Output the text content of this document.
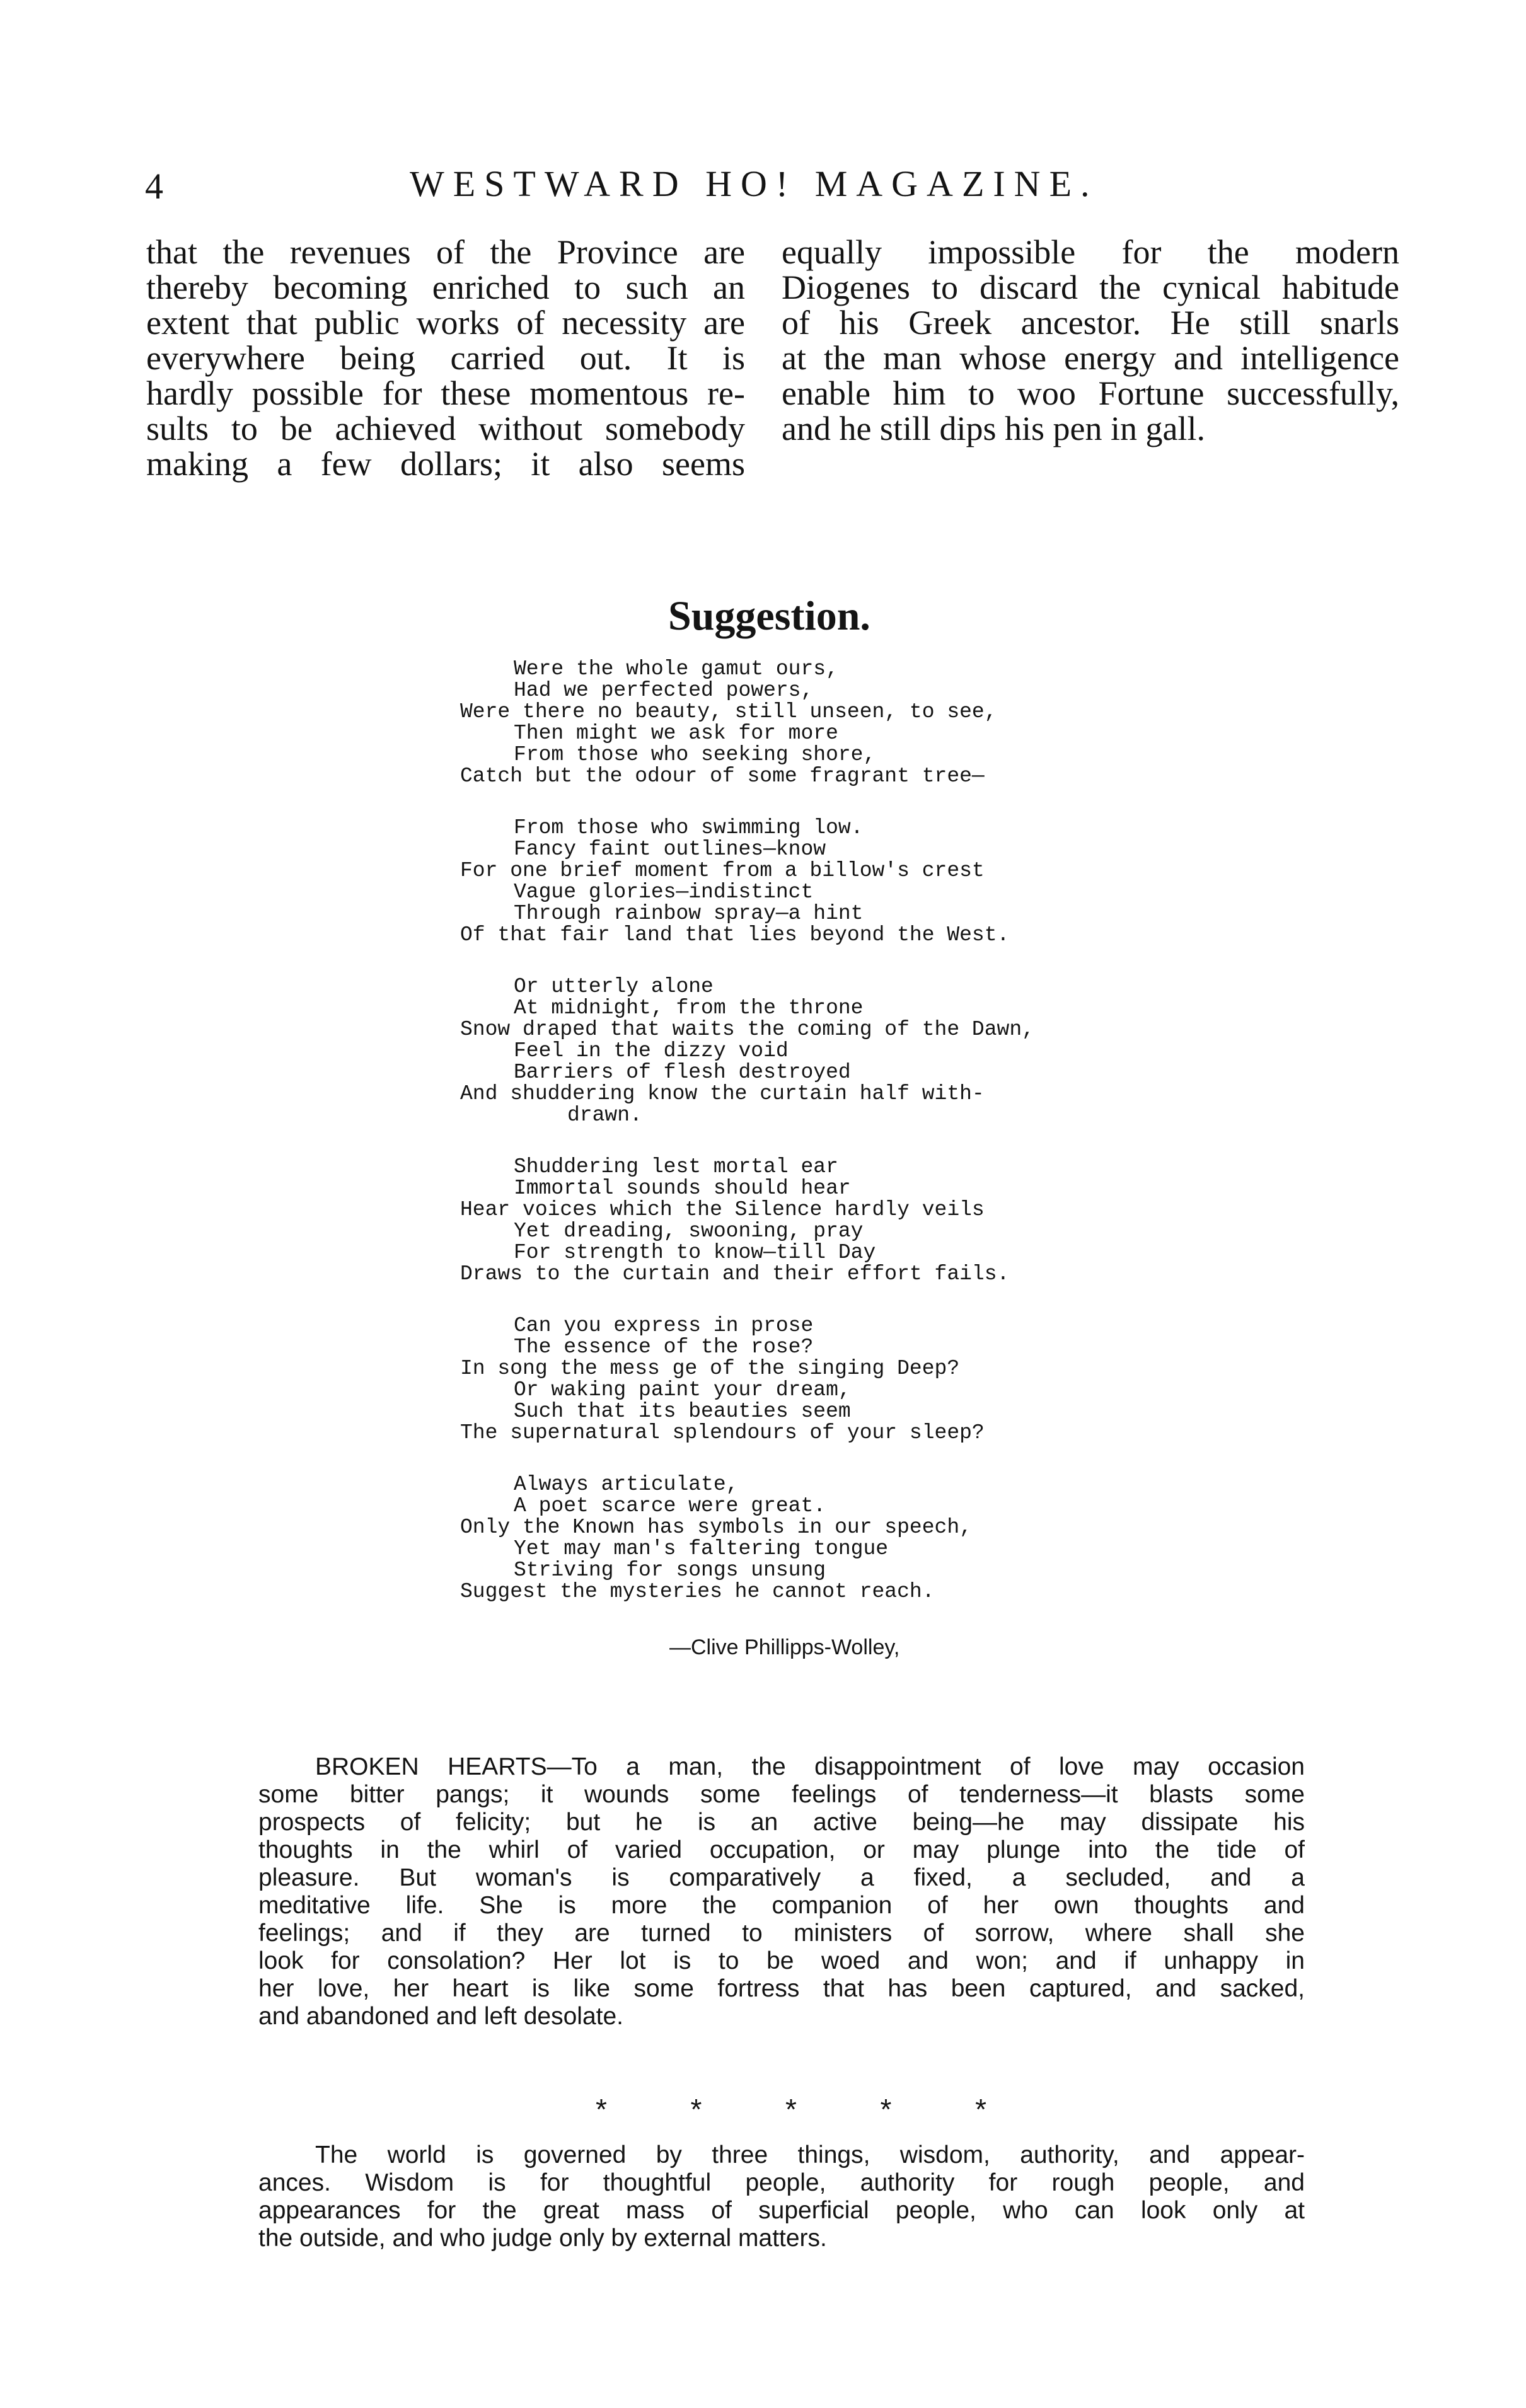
4	WESTWARD HO! MAGAZINE.
that the revenues of the Province are
thereby becoming enriched to such an
extent that public works of necessity are
everywhere being carried out. It is
hardly possible for these momentous re-
sults to be achieved without somebody
making a few dollars; it also seems
equally impossible for the modern
Diogenes to discard the cynical habitude
of his Greek ancestor. He still snarls
at the man whose energy and intelligence
enable him to woo Fortune successfully,
and he still dips his pen in gall.
Suggestion.
Were the whole gamut ours,
Had we perfected powers,
Were there no beauty, still unseen, to see,
Then might we ask for more
From those who seeking shore,
Catch but the odour of some fragrant tree—
From those who swimming low.
Fancy faint outlines—know
For one brief moment from a billow's crest
Vague glories—indistinct
Through rainbow spray—a hint
Of that fair land that lies beyond the West.
Or utterly alone
At midnight, from the throne
Snow draped that waits the coming of the Dawn,
Feel in the dizzy void
Barriers of flesh destroyed
And shuddering know the curtain half with-
drawn.
Shuddering lest mortal ear
Immortal sounds should hear
Hear voices which the Silence hardly veils
Yet dreading, swooning, pray
For strength to know—till Day
Draws to the curtain and their effort fails.
Can you express in prose
The essence of the rose?
In song the mess ge of the singing Deep?
Or waking paint your dream,
Such that its beauties seem
The supernatural splendours of your sleep?
Always articulate,
A poet scarce were great.
Only the Known has symbols in our speech,
Yet may man's faltering tongue
Striving for songs unsung
Suggest the mysteries he cannot reach.
—Clive Phillipps-Wolley,
BROKEN HEARTS—To a man, the disappointment of love may occasion
some bitter pangs; it wounds some feelings of tenderness—it blasts some
prospects of felicity; but he is an active being—he may dissipate his
thoughts in the whirl of varied occupation, or may plunge into the tide of
pleasure. But woman's is comparatively a fixed, a secluded, and a
meditative life. She is more the companion of her own thoughts and
feelings; and if they are turned to ministers of sorrow, where shall she
look for consolation? Her lot is to be woed and won; and if unhappy in
her love, her heart is like some fortress that has been captured, and sacked,
and abandoned and left desolate.
*	*	*	*	*
The world is governed by three things, wisdom, authority, and appear-
ances. Wisdom is for thoughtful people, authority for rough people, and
appearances for the great mass of superficial people, who can look only at
the outside, and who judge only by external matters.
